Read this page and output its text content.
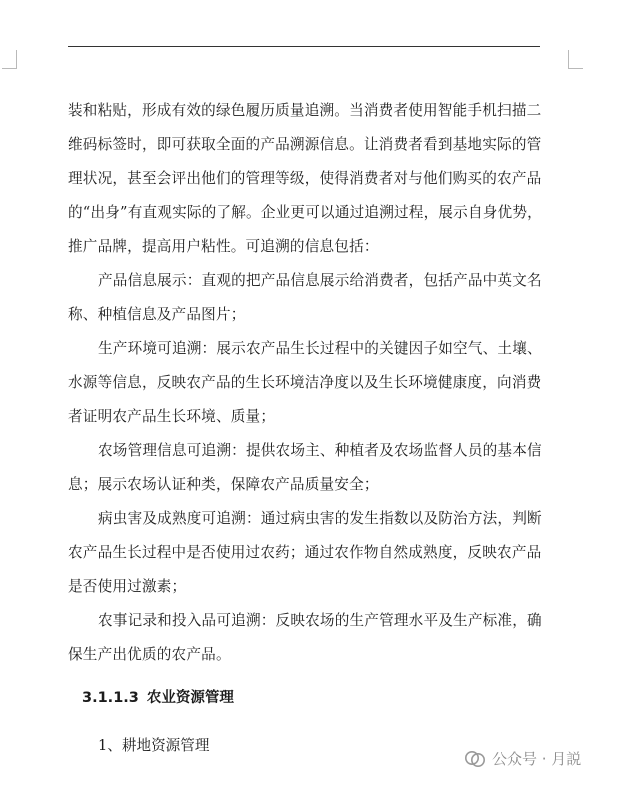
装和粘贴，形成有效的绿色履历质量追溯。当消费者使用智能手机扫描二维码标签时，即可获取全面的产品溯源信息。让消费者看到基地实际的管理状况，甚至会评出他们的管理等级，使得消费者对与他们购买的农产品的“出身”有直观实际的了解。企业更可以通过追溯过程，展示自身优势， 推广品牌，提高用户粘性。可追溯的信息包括：

产品信息展示：直观的把产品信息展示给消费者，包括产品中英文名称、种植信息及产品图片；

生产环境可追溯：展示农产品生长过程中的关键因子如空气、土壤、水源等信息，反映农产品的生长环境洁净度以及生长环境健康度，向消费者证明农产品生长环境、质量；

农场管理信息可追溯：提供农场主、种植者及农场监督人员的基本信息；展示农场认证种类，保障农产品质量安全；

病虫害及成熟度可追溯：通过病虫害的发生指数以及防治方法，判断农产品生长过程中是否使用过农药；通过农作物自然成熟度，反映农产品是否使用过激素；

农事记录和投入品可追溯：反映农场的生产管理水平及生产标准，确保生产出优质的农产品。

3.1.1.3 农业资源管理
1、耕地资源管理
公众号 · 月説
